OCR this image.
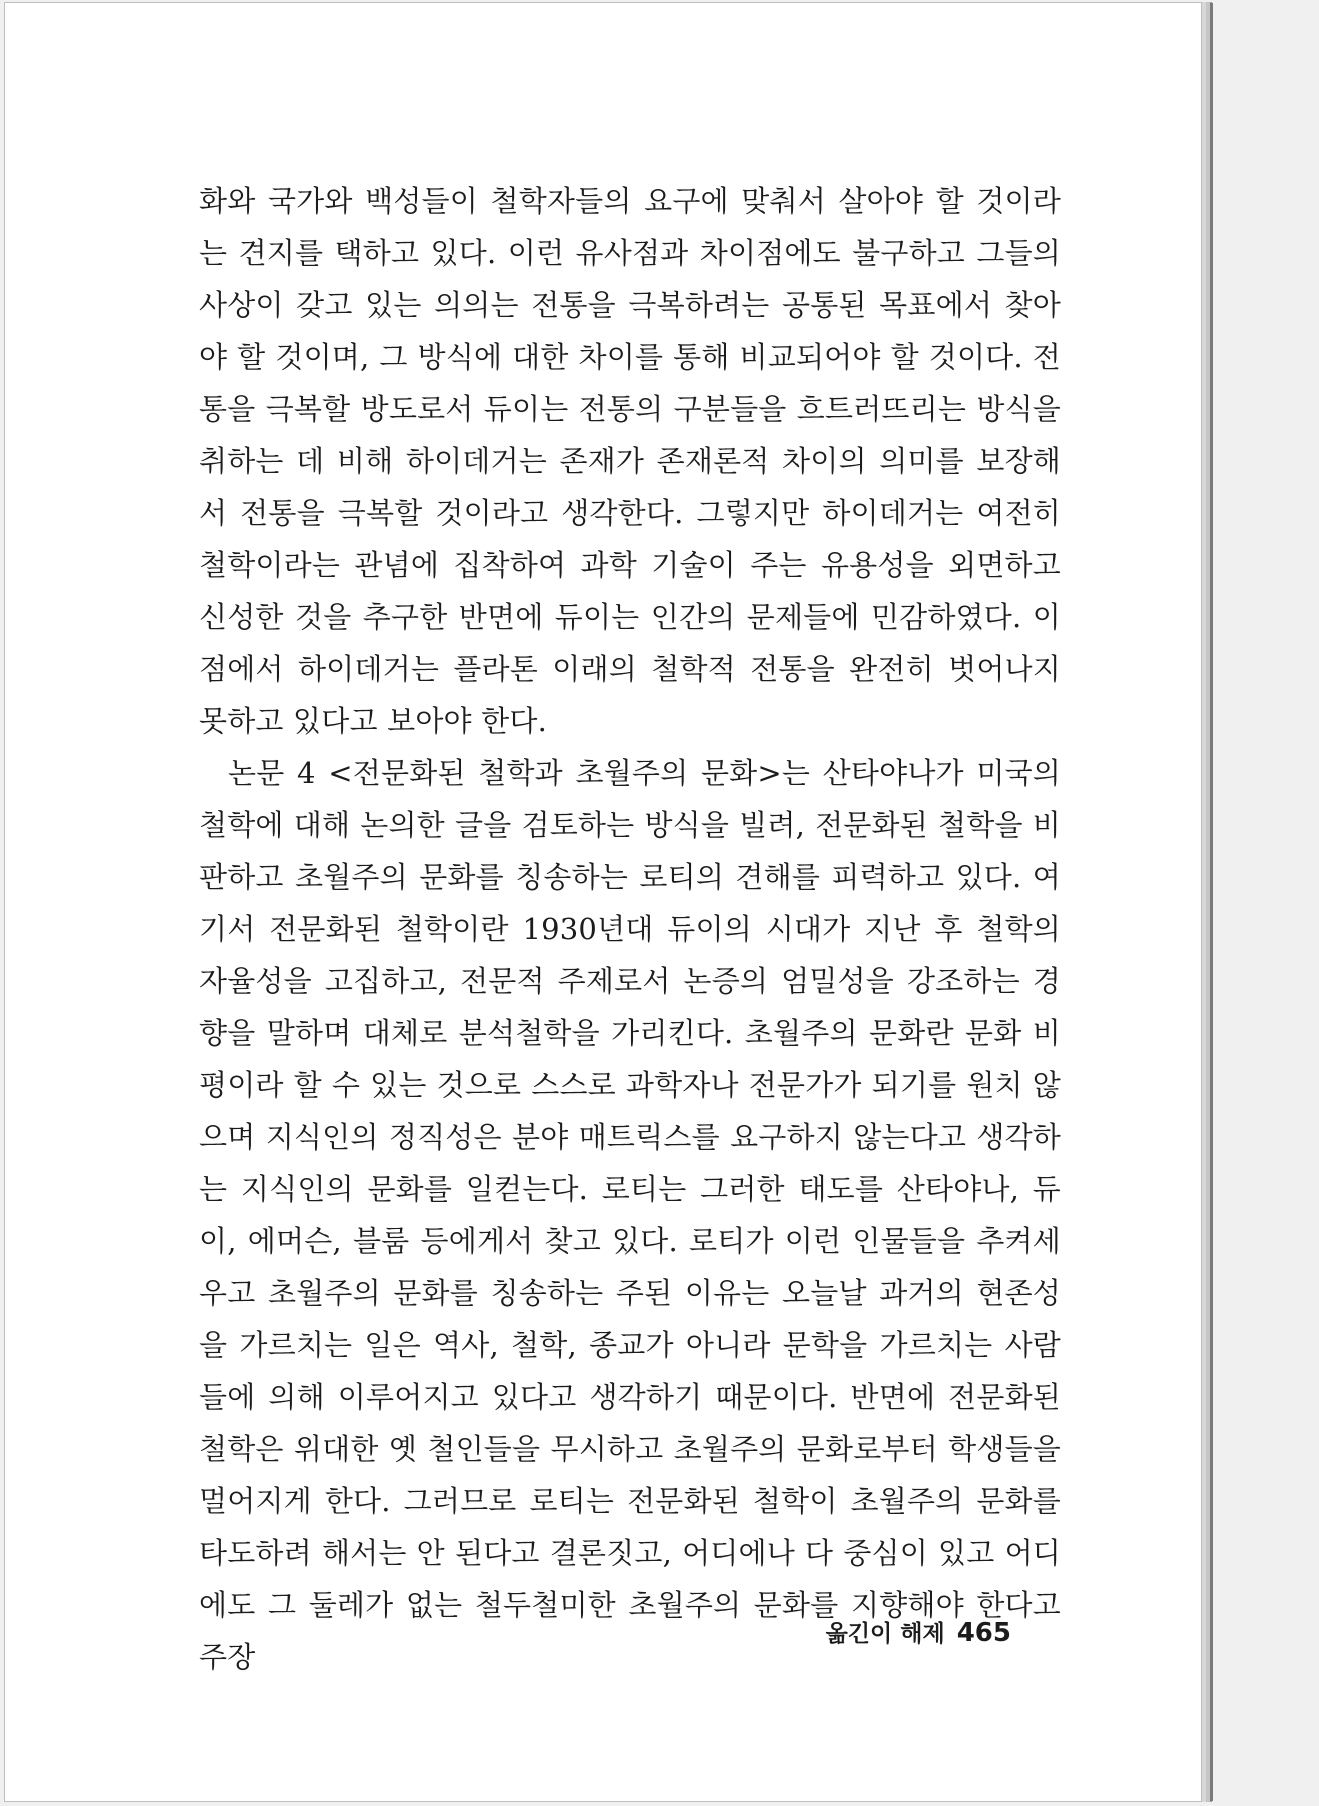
화와 국가와 백성들이 철학자들의 요구에 맞춰서 살아야 할 것이라는 견지를 택하고 있다. 이런 유사점과 차이점에도 불구하고 그들의 사상이 갖고 있는 의의는 전통을 극복하려는 공통된 목표에서 찾아야 할 것이며, 그 방식에 대한 차이를 통해 비교되어야 할 것이다. 전통을 극복할 방도로서 듀이는 전통의 구분들을 흐트러뜨리는 방식을 취하는 데 비해 하이데거는 존재가 존재론적 차이의 의미를 보장해서 전통을 극복할 것이라고 생각한다. 그렇지만 하이데거는 여전히 철학이라는 관념에 집착하여 과학 기술이 주는 유용성을 외면하고 신성한 것을 추구한 반면에 듀이는 인간의 문제들에 민감하였다. 이 점에서 하이데거는 플라톤 이래의 철학적 전통을 완전히 벗어나지 못하고 있다고 보아야 한다.

논문 4 <전문화된 철학과 초월주의 문화>는 산타야나가 미국의 철학에 대해 논의한 글을 검토하는 방식을 빌려, 전문화된 철학을 비판하고 초월주의 문화를 칭송하는 로티의 견해를 피력하고 있다. 여기서 전문화된 철학이란 1930년대 듀이의 시대가 지난 후 철학의 자율성을 고집하고, 전문적 주제로서 논증의 엄밀성을 강조하는 경향을 말하며 대체로 분석철학을 가리킨다. 초월주의 문화란 문화 비평이라 할 수 있는 것으로 스스로 과학자나 전문가가 되기를 원치 않으며 지식인의 정직성은 분야 매트릭스를 요구하지 않는다고 생각하는 지식인의 문화를 일컫는다. 로티는 그러한 태도를 산타야나, 듀이, 에머슨, 블룸 등에게서 찾고 있다. 로티가 이런 인물들을 추켜세우고 초월주의 문화를 칭송하는 주된 이유는 오늘날 과거의 현존성을 가르치는 일은 역사, 철학, 종교가 아니라 문학을 가르치는 사람들에 의해 이루어지고 있다고 생각하기 때문이다. 반면에 전문화된 철학은 위대한 옛 철인들을 무시하고 초월주의 문화로부터 학생들을 멀어지게 한다. 그러므로 로티는 전문화된 철학이 초월주의 문화를 타도하려 해서는 안 된다고 결론짓고, 어디에나 다 중심이 있고 어디에도 그 둘레가 없는 철두철미한 초월주의 문화를 지향해야 한다고 주장

옮긴이 해제 465
